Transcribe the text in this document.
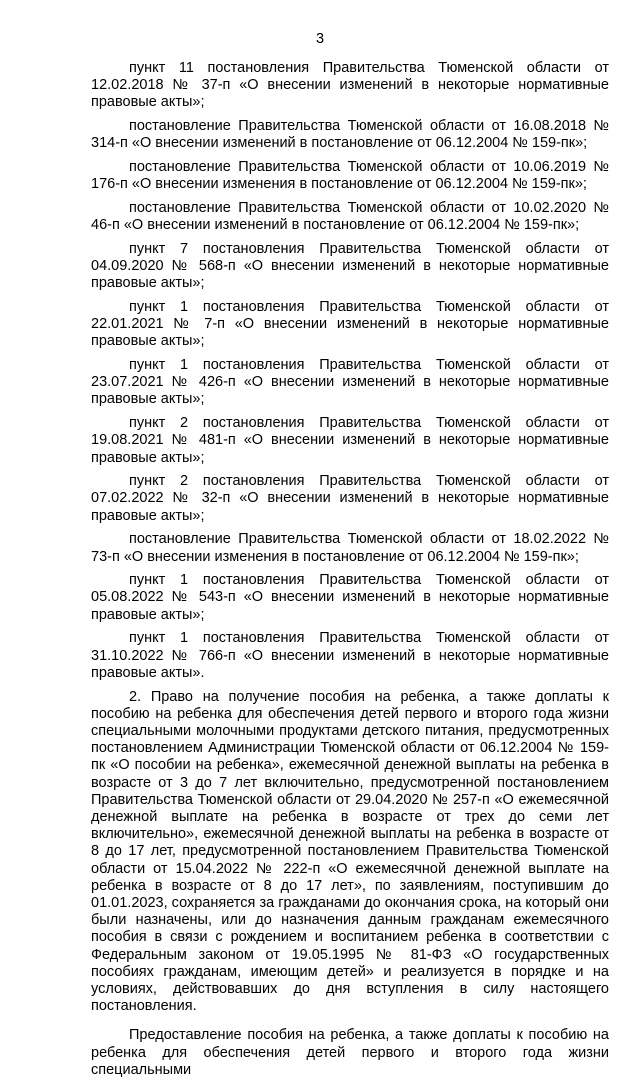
3

пункт 11 постановления Правительства Тюменской области от 12.02.2018 № 37-п «О внесении изменений в некоторые нормативные правовые акты»;

постановление Правительства Тюменской области от 16.08.2018 № 314-п «О внесении изменений в постановление от 06.12.2004 № 159-пк»;

постановление Правительства Тюменской области от 10.06.2019 № 176-п «О внесении изменения в постановление от 06.12.2004 № 159-пк»;

постановление Правительства Тюменской области от 10.02.2020 № 46-п «О внесении изменений в постановление от 06.12.2004 № 159-пк»;

пункт 7 постановления Правительства Тюменской области от 04.09.2020 № 568-п «О внесении изменений в некоторые нормативные правовые акты»;

пункт 1 постановления Правительства Тюменской области от 22.01.2021 № 7-п «О внесении изменений в некоторые нормативные правовые акты»;

пункт 1 постановления Правительства Тюменской области от 23.07.2021 № 426-п «О внесении изменений в некоторые нормативные правовые акты»;

пункт 2 постановления Правительства Тюменской области от 19.08.2021 № 481-п «О внесении изменений в некоторые нормативные правовые акты»;

пункт 2 постановления Правительства Тюменской области от 07.02.2022 № 32-п «О внесении изменений в некоторые нормативные правовые акты»;

постановление Правительства Тюменской области от 18.02.2022 № 73-п «О внесении изменения в постановление от 06.12.2004 № 159-пк»;

пункт 1 постановления Правительства Тюменской области от 05.08.2022 № 543-п «О внесении изменений в некоторые нормативные правовые акты»;

пункт 1 постановления Правительства Тюменской области от 31.10.2022 № 766-п «О внесении изменений в некоторые нормативные правовые акты».

2. Право на получение пособия на ребенка, а также доплаты к пособию на ребенка для обеспечения детей первого и второго года жизни специальными молочными продуктами детского питания, предусмотренных постановлением Администрации Тюменской области от 06.12.2004 № 159-пк «О пособии на ребенка», ежемесячной денежной выплаты на ребенка в возрасте от 3 до 7 лет включительно, предусмотренной постановлением Правительства Тюменской области от 29.04.2020 № 257-п «О ежемесячной денежной выплате на ребенка в возрасте от трех до семи лет включительно», ежемесячной денежной выплаты на ребенка в возрасте от 8 до 17 лет, предусмотренной постановлением Правительства Тюменской области от 15.04.2022 № 222-п «О ежемесячной денежной выплате на ребенка в возрасте от 8 до 17 лет», по заявлениям, поступившим до 01.01.2023, сохраняется за гражданами до окончания срока, на который они были назначены, или до назначения данным гражданам ежемесячного пособия в связи с рождением и воспитанием ребенка в соответствии с Федеральным законом от 19.05.1995 № 81-ФЗ «О государственных пособиях гражданам, имеющим детей» и реализуется в порядке и на условиях, действовавших до дня вступления в силу настоящего постановления.

Предоставление пособия на ребенка, а также доплаты к пособию на ребенка для обеспечения детей первого и второго года жизни специальными
